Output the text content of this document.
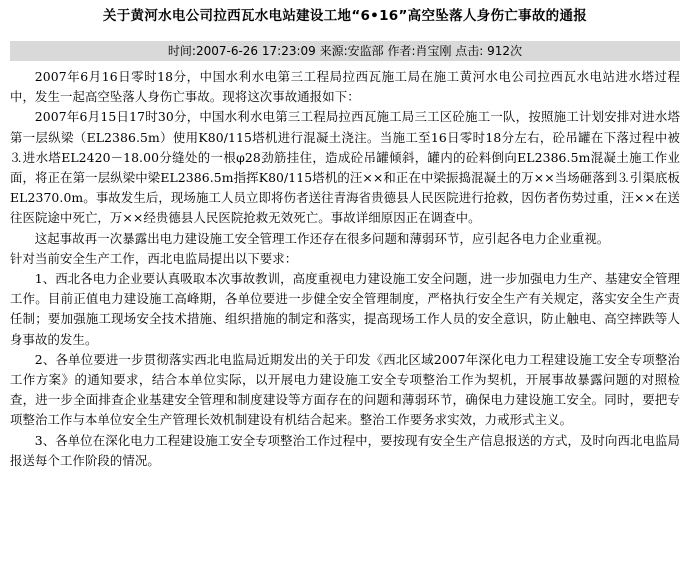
关于黄河水电公司拉西瓦水电站建设工地“6•16”高空坠落人身伤亡事故的通报
时间:2007-6-26 17:23:09 来源:安监部 作者:肖宝刚 点击: 912次

2007年6月16日零时18分，中国水利水电第三工程局拉西瓦施工局在施工黄河水电公司拉西瓦水电站进水塔过程中，发生一起高空坠落人身伤亡事故。现将这次事故通报如下：

2007年6月15日17时30分，中国水利水电第三工程局拉西瓦施工局三工区砼施工一队，按照施工计划安排对进水塔第一层纵梁（EL2386.5m）使用K80/115塔机进行混凝土浇注。当施工至16日零时18分左右，砼吊罐在下落过程中被⒊进水塔EL2420－18.00分缝处的一根φ28劲筋挂住，造成砼吊罐倾斜，罐内的砼料倒向EL2386.5m混凝土施工作业面，将正在第一层纵梁中梁EL2386.5m指挥K80/115塔机的汪××和正在中梁振捣混凝土的万××当场砸落到⒊引渠底板EL2370.0m。事故发生后，现场施工人员立即将伤者送往青海省贵德县人民医院进行抢救，因伤者伤势过重，汪××在送往医院途中死亡，万××经贵德县人民医院抢救无效死亡。事故详细原因正在调查中。

这起事故再一次暴露出电力建设施工安全管理工作还存在很多问题和薄弱环节，应引起各电力企业重视。

针对当前安全生产工作，西北电监局提出以下要求：

1、西北各电力企业要认真吸取本次事故教训，高度重视电力建设施工安全问题，进一步加强电力生产、基建安全管理工作。目前正值电力建设施工高峰期，各单位要进一步健全安全管理制度，严格执行安全生产有关规定，落实安全生产责任制；要加强施工现场安全技术措施、组织措施的制定和落实，提高现场工作人员的安全意识，防止触电、高空摔跌等人身事故的发生。

2、各单位要进一步贯彻落实西北电监局近期发出的关于印发《西北区域2007年深化电力工程建设施工安全专项整治工作方案》的通知要求，结合本单位实际，以开展电力建设施工安全专项整治工作为契机，开展事故暴露问题的对照检查，进一步全面排查企业基建安全管理和制度建设等方面存在的问题和薄弱环节，确保电力建设施工安全。同时，要把专项整治工作与本单位安全生产管理长效机制建设有机结合起来。整治工作要务求实效，力戒形式主义。

3、各单位在深化电力工程建设施工安全专项整治工作过程中，要按现有安全生产信息报送的方式，及时向西北电监局报送每个工作阶段的情况。
